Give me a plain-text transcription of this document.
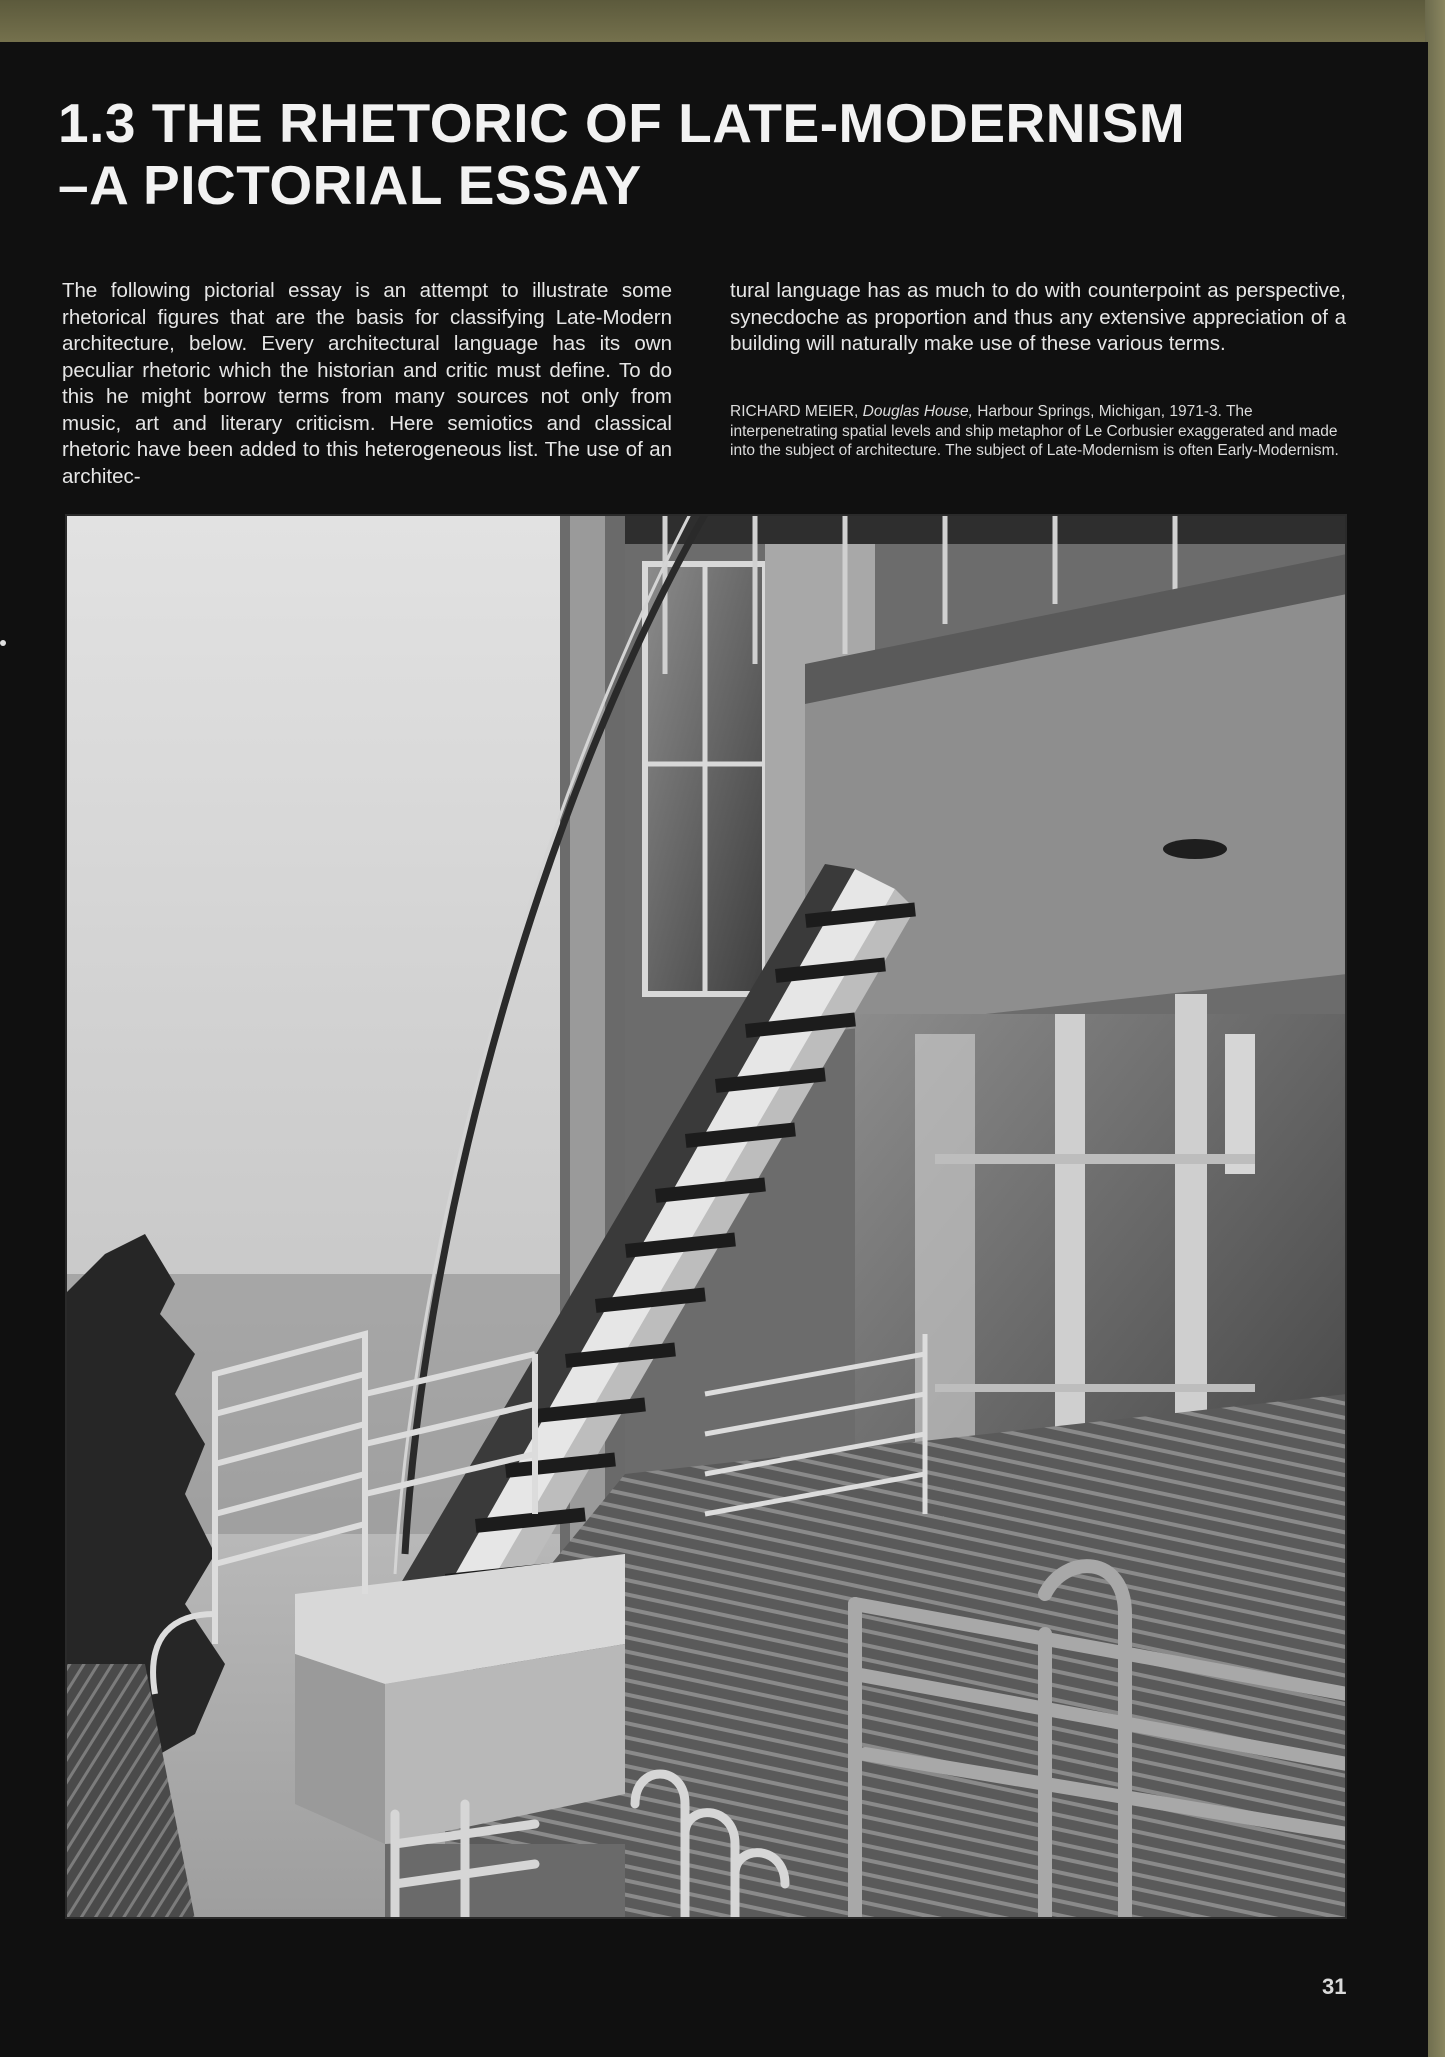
1.3 THE RHETORIC OF LATE-MODERNISM
–A PICTORIAL ESSAY

The following pictorial essay is an attempt to illustrate some rhetorical figures that are the basis for classifying Late-Modern architecture, below. Every architectural language has its own peculiar rhetoric which the historian and critic must define. To do this he might borrow terms from many sources not only from music, art and literary criticism. Here semiotics and classical rhetoric have been added to this heterogeneous list. The use of an architec-

tural language has as much to do with counterpoint as perspective, synecdoche as proportion and thus any extensive appreciation of a building will naturally make use of these various terms.

RICHARD MEIER, Douglas House, Harbour Springs, Michigan, 1971-3. The interpenetrating spatial levels and ship metaphor of Le Corbusier exaggerated and made into the subject of architecture. The subject of Late-Modernism is often Early-Modernism.

31
